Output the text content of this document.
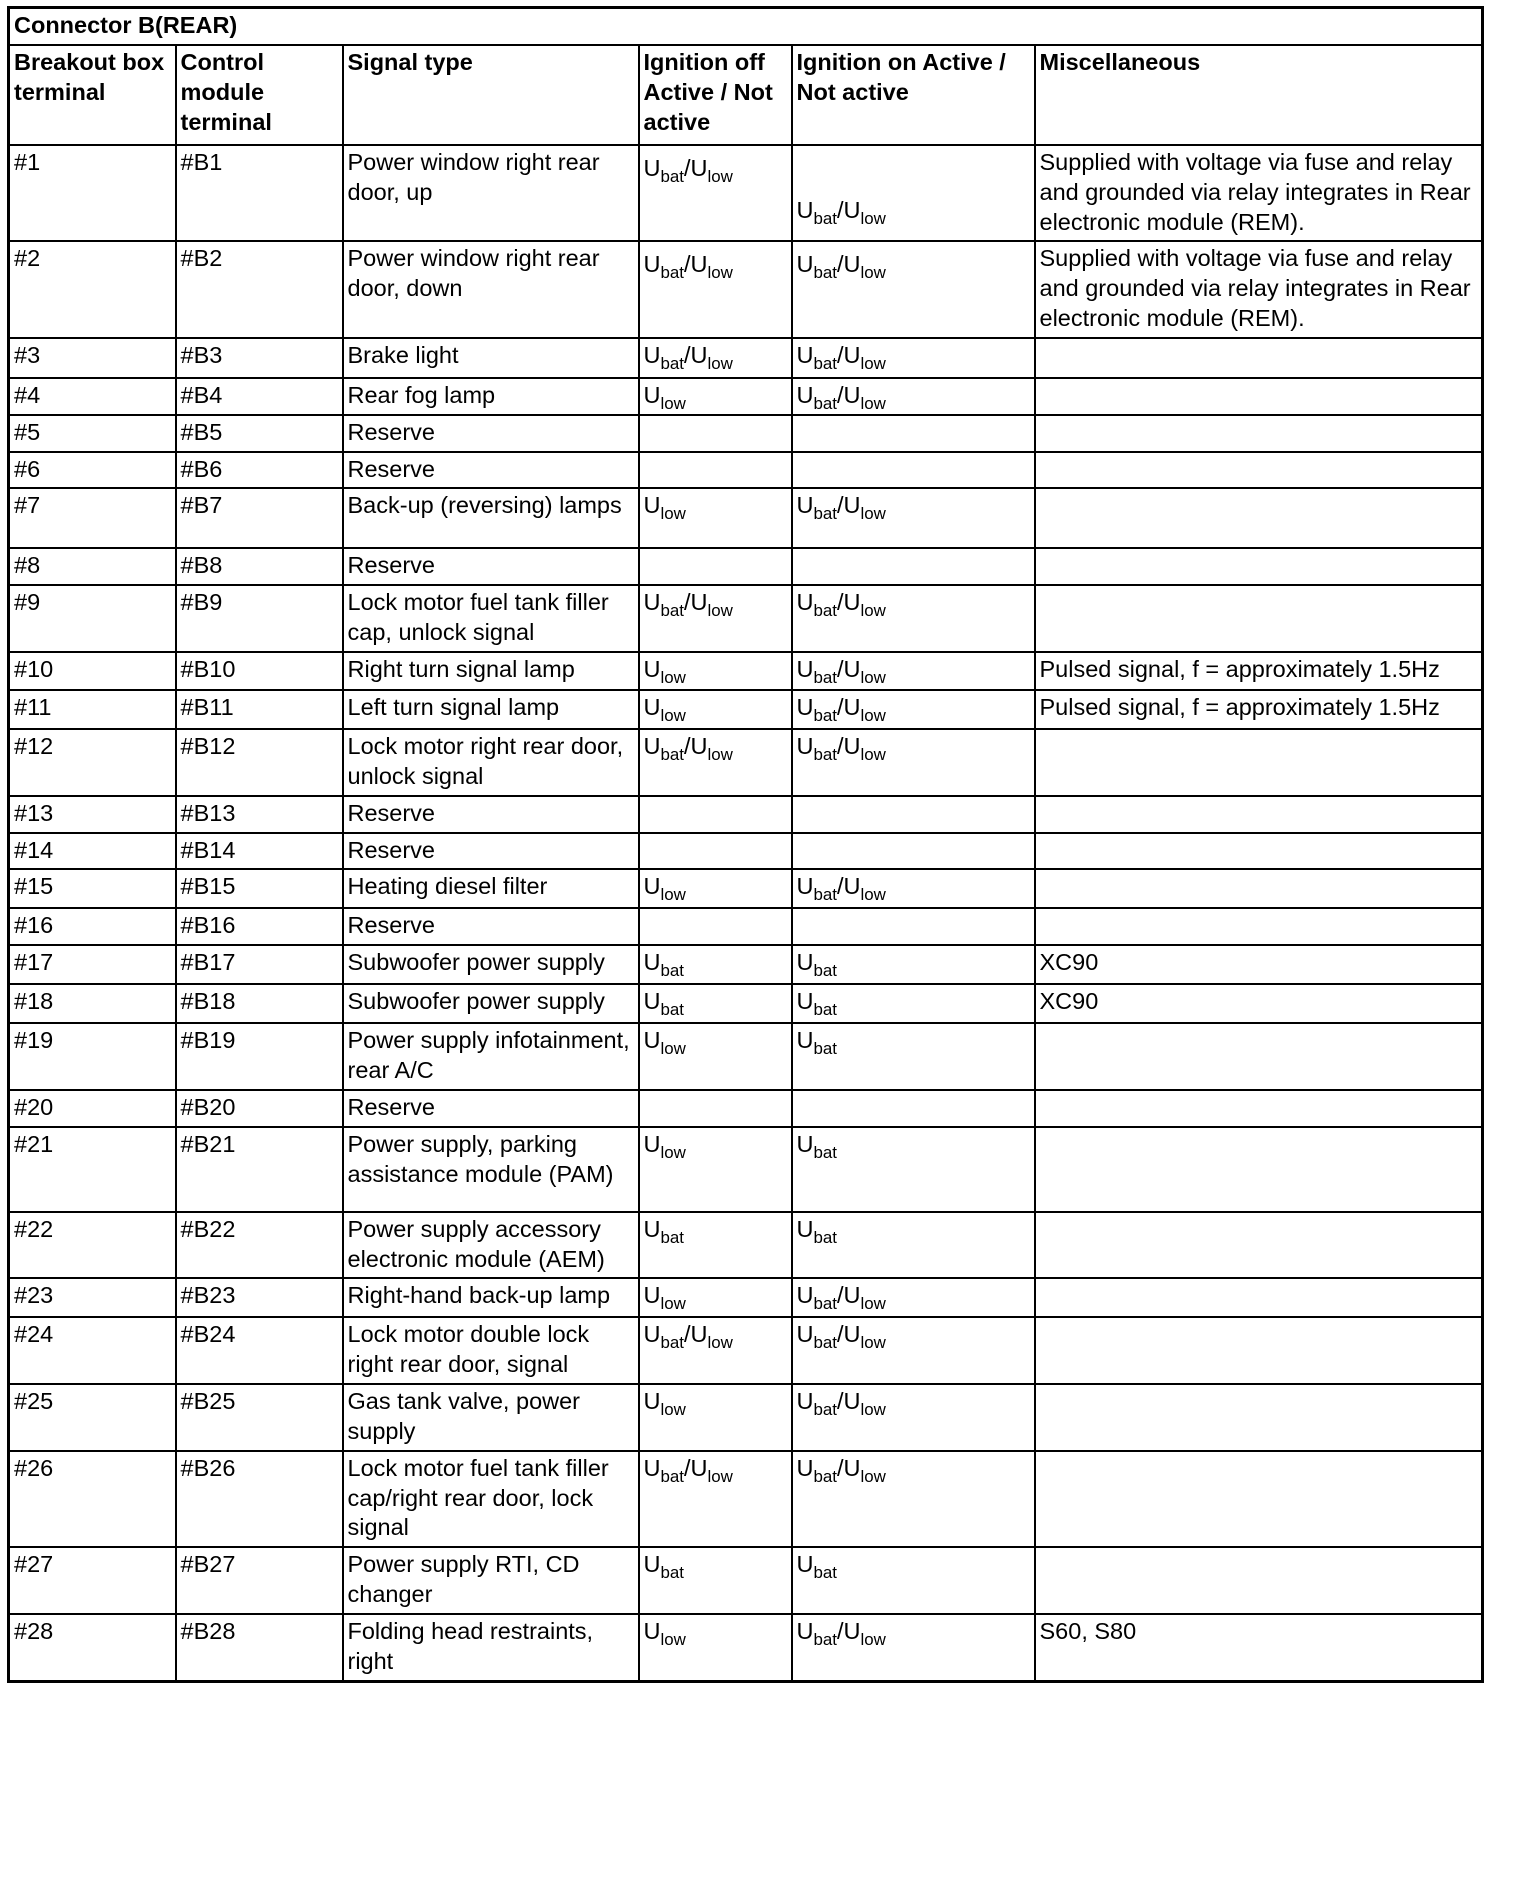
Connector B(REAR)					
Breakout box terminal	Control module terminal	Signal type	Ignition off Active / Not active	Ignition on Active / Not active	Miscellaneous
#1	#B1	Power window right rear door, up	$U_{bat}/U_{low}$	$U_{bat}/U_{low}$	Supplied with voltage via fuse and relay and grounded via relay integrates in Rear electronic module (REM).
#2	#B2	Power window right rear door, down	$U_{bat}/U_{low}$	$U_{bat}/U_{low}$	Supplied with voltage via fuse and relay and grounded via relay integrates in Rear electronic module (REM).
#3	#B3	Brake light	$U_{bat}/U_{low}$	$U_{bat}/U_{low}$	
#4	#B4	Rear fog lamp	$U_{low}$	$U_{bat}/U_{low}$	
#5	#B5	Reserve			
#6	#B6	Reserve			
#7	#B7	Back-up (reversing) lamps	$U_{low}$	$U_{bat}/U_{low}$	
#8	#B8	Reserve			
#9	#B9	Lock motor fuel tank filler cap, unlock signal	$U_{bat}/U_{low}$	$U_{bat}/U_{low}$	
#10	#B10	Right turn signal lamp	$U_{low}$	$U_{bat}/U_{low}$	Pulsed signal, f = approximately 1.5Hz
#11	#B11	Left turn signal lamp	$U_{low}$	$U_{bat}/U_{low}$	Pulsed signal, f = approximately 1.5Hz
#12	#B12	Lock motor right rear door, unlock signal	$U_{bat}/U_{low}$	$U_{bat}/U_{low}$	
#13	#B13	Reserve			
#14	#B14	Reserve			
#15	#B15	Heating diesel filter	$U_{low}$	$U_{bat}/U_{low}$	
#16	#B16	Reserve			
#17	#B17	Subwoofer power supply	$U_{bat}$	$U_{bat}$	XC90
#18	#B18	Subwoofer power supply	$U_{bat}$	$U_{bat}$	XC90
#19	#B19	Power supply infotainment, rear A/C	$U_{low}$	$U_{bat}$	
#20	#B20	Reserve			
#21	#B21	Power supply, parking assistance module (PAM)	$U_{low}$	$U_{bat}$	
#22	#B22	Power supply accessory electronic module (AEM)	$U_{bat}$	$U_{bat}$	
#23	#B23	Right-hand back-up lamp	$U_{low}$	$U_{bat}/U_{low}$	
#24	#B24	Lock motor double lock right rear door, signal	$U_{bat}/U_{low}$	$U_{bat}/U_{low}$	
#25	#B25	Gas tank valve, power supply	$U_{low}$	$U_{bat}/U_{low}$	
#26	#B26	Lock motor fuel tank filler cap/right rear door, lock signal	$U_{bat}/U_{low}$	$U_{bat}/U_{low}$	
#27	#B27	Power supply RTI, CD changer	$U_{bat}$	$U_{bat}$	
#28	#B28	Folding head restraints, right	$U_{low}$	$U_{bat}/U_{low}$	S60, S80
